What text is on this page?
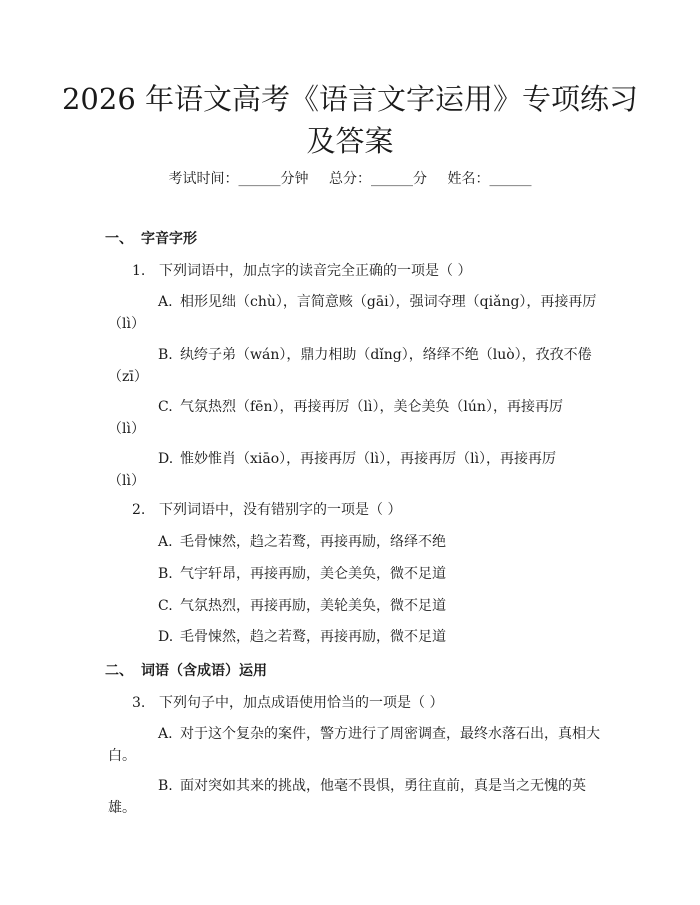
2026 年语文高考《语言文字运用》专项练习
及答案
考试时间：______分钟 总分：______分 姓名：______
一、 字音字形
1. 下列词语中，加点字的读音完全正确的一项是（ ）
A. 相形见绌（chù），言简意赅（gāi），强词夺理（qiǎng），再接再厉
（lì）
B. 纨绔子弟（wán），鼎力相助（dǐng），络绎不绝（luò），孜孜不倦
（zī）
C. 气氛热烈（fēn），再接再厉（lì），美仑美奂（lún），再接再厉
（lì）
D. 惟妙惟肖（xiāo），再接再厉（lì），再接再厉（lì），再接再厉
（lì）
2. 下列词语中，没有错别字的一项是（ ）
A. 毛骨悚然，趋之若鹜，再接再励，络绎不绝
B. 气宇轩昂，再接再励，美仑美奂，微不足道
C. 气氛热烈，再接再励，美轮美奂，微不足道
D. 毛骨悚然，趋之若鹜，再接再励，微不足道
二、 词语（含成语）运用
3. 下列句子中，加点成语使用恰当的一项是（ ）
A. 对于这个复杂的案件，警方进行了周密调查，最终水落石出，真相大
白。
B. 面对突如其来的挑战，他毫不畏惧，勇往直前，真是当之无愧的英
雄。
